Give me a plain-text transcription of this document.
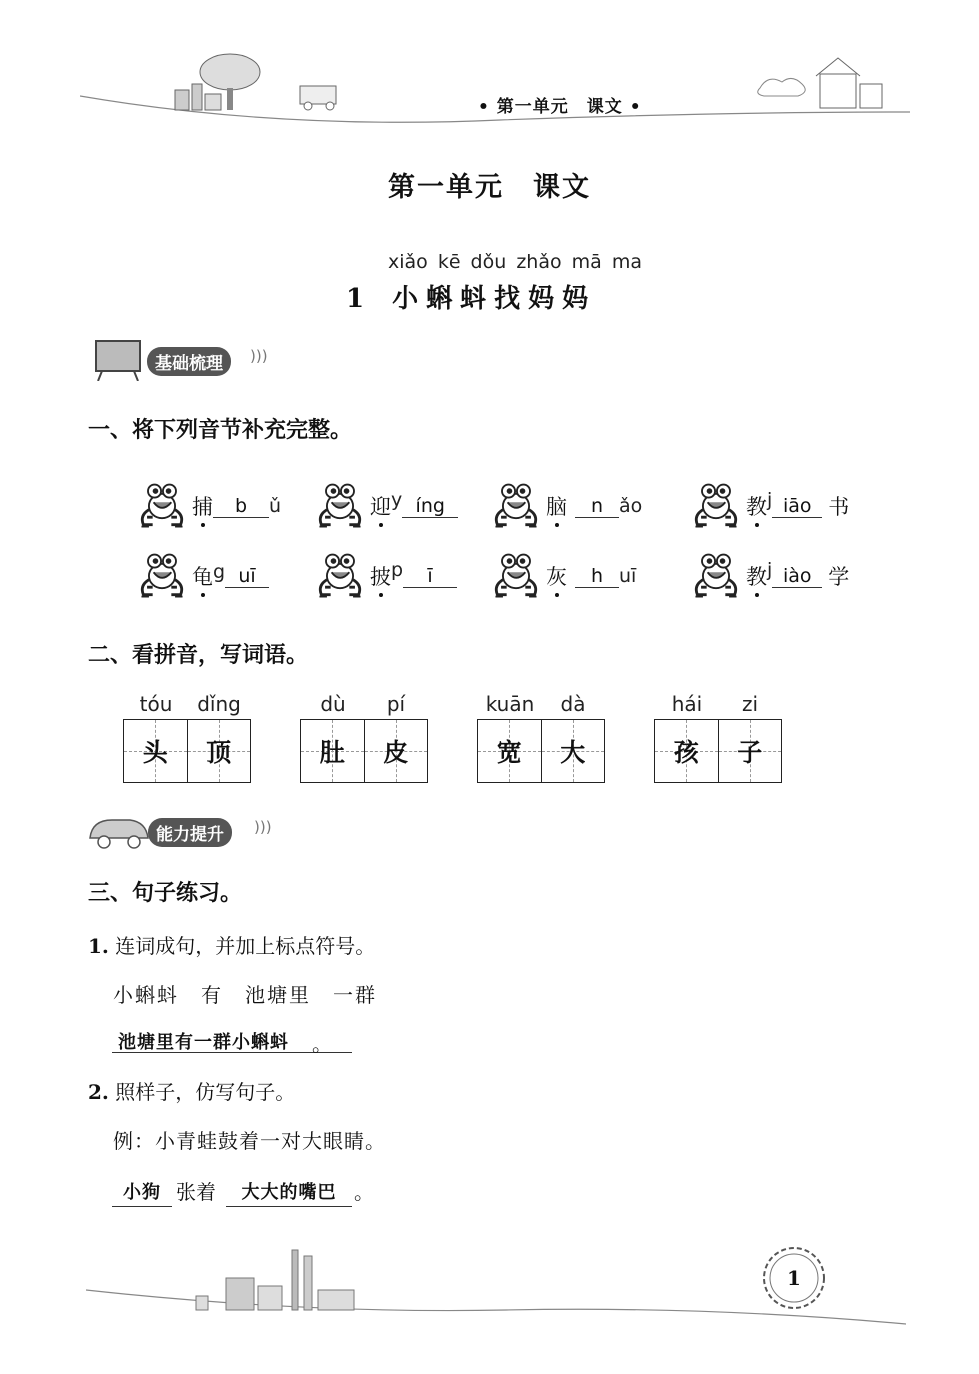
• 第一单元　课文 •
第一单元　课文
xiǎo kē dǒu zhǎo mā ma
1 小蝌蚪找妈妈
基础梳理	)))
一、将下列音节补充完整。
捕	b	ǔ	迎 y íng	脑	n ǎo	教 j iāo 书
龟 g uī	披 p	ī	灰	h uī	教 j iào 学
二、看拼音，写词语。
tóu	dǐng
头 顶
dù	pí
肚 皮
kuān	dà
宽 大
hái	zi
孩 子
能力提升	)))
三、句子练习。
1. 连词成句，并加上标点符号。
小蝌蚪　有　池塘里　一群
池塘里有一群小蝌蚪 。
2. 照样子，仿写句子。
例：小青蛙鼓着一对大眼睛。
小狗 张着	大大的嘴巴 。
1
